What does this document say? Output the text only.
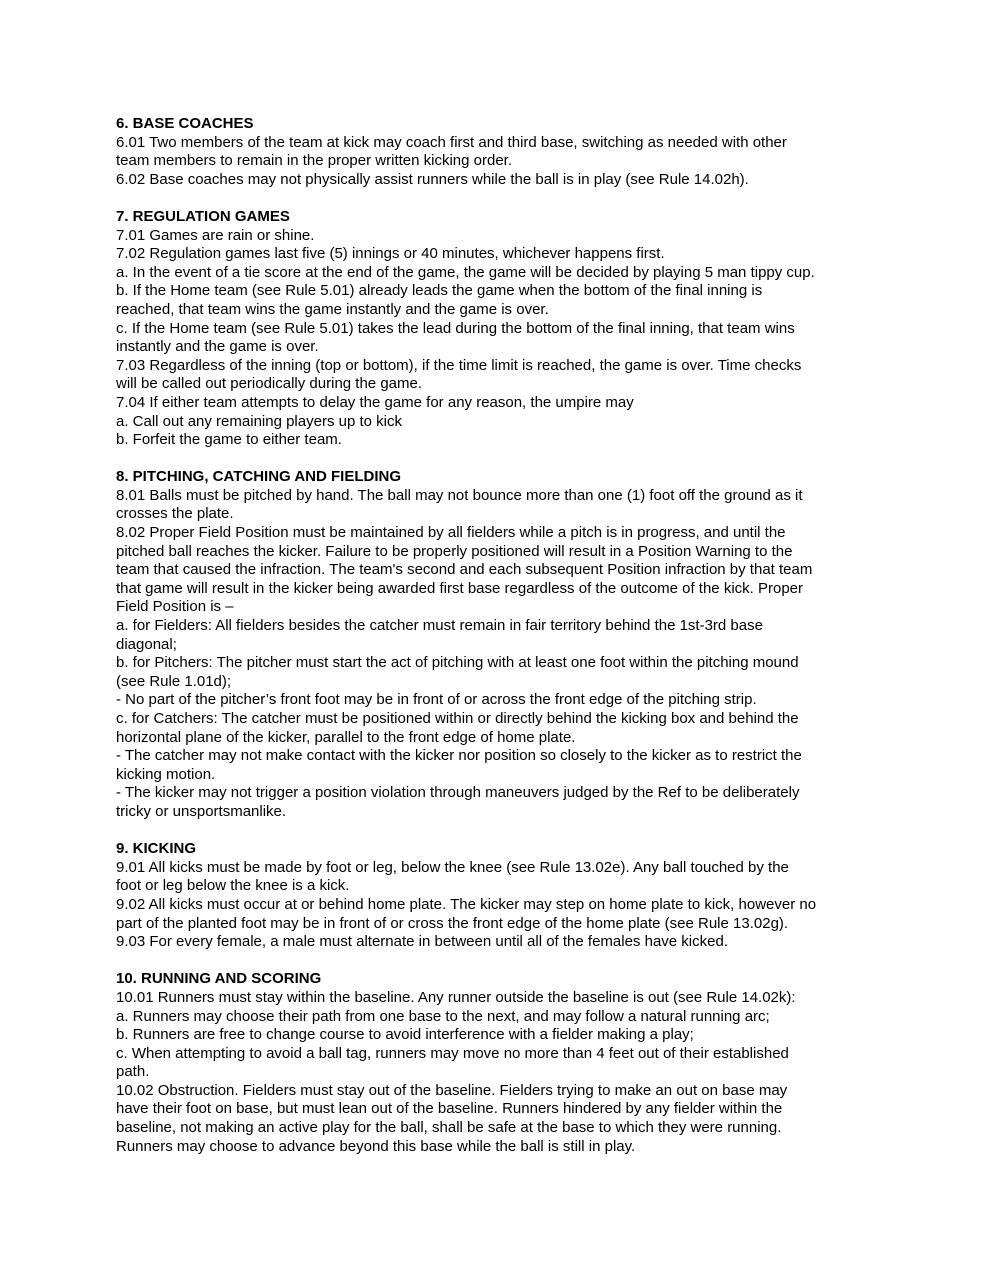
6. BASE COACHES
6.01 Two members of the team at kick may coach first and third base, switching as needed with other
team members to remain in the proper written kicking order.
6.02 Base coaches may not physically assist runners while the ball is in play (see Rule 14.02h).
7. REGULATION GAMES
7.01 Games are rain or shine.
7.02 Regulation games last five (5) innings or 40 minutes, whichever happens first.
a. In the event of a tie score at the end of the game, the game will be decided by playing 5 man tippy cup.
b. If the Home team (see Rule 5.01) already leads the game when the bottom of the final inning is
reached, that team wins the game instantly and the game is over.
c. If the Home team (see Rule 5.01) takes the lead during the bottom of the final inning, that team wins
instantly and the game is over.
7.03 Regardless of the inning (top or bottom), if the time limit is reached, the game is over. Time checks
will be called out periodically during the game.
7.04 If either team attempts to delay the game for any reason, the umpire may
a. Call out any remaining players up to kick
b. Forfeit the game to either team.
8. PITCHING, CATCHING AND FIELDING
8.01 Balls must be pitched by hand. The ball may not bounce more than one (1) foot off the ground as it
crosses the plate.
8.02 Proper Field Position must be maintained by all fielders while a pitch is in progress, and until the
pitched ball reaches the kicker. Failure to be properly positioned will result in a Position Warning to the
team that caused the infraction. The team's second and each subsequent Position infraction by that team
that game will result in the kicker being awarded first base regardless of the outcome of the kick. Proper
Field Position is –
a. for Fielders: All fielders besides the catcher must remain in fair territory behind the 1st-3rd base
diagonal;
b. for Pitchers: The pitcher must start the act of pitching with at least one foot within the pitching mound
(see Rule 1.01d);
- No part of the pitcher’s front foot may be in front of or across the front edge of the pitching strip.
c. for Catchers: The catcher must be positioned within or directly behind the kicking box and behind the
horizontal plane of the kicker, parallel to the front edge of home plate.
- The catcher may not make contact with the kicker nor position so closely to the kicker as to restrict the
kicking motion.
- The kicker may not trigger a position violation through maneuvers judged by the Ref to be deliberately
tricky or unsportsmanlike.
9. KICKING
9.01 All kicks must be made by foot or leg, below the knee (see Rule 13.02e). Any ball touched by the
foot or leg below the knee is a kick.
9.02 All kicks must occur at or behind home plate. The kicker may step on home plate to kick, however no
part of the planted foot may be in front of or cross the front edge of the home plate (see Rule 13.02g).
9.03 For every female, a male must alternate in between until all of the females have kicked.
10. RUNNING AND SCORING
10.01 Runners must stay within the baseline. Any runner outside the baseline is out (see Rule 14.02k):
a. Runners may choose their path from one base to the next, and may follow a natural running arc;
b. Runners are free to change course to avoid interference with a fielder making a play;
c. When attempting to avoid a ball tag, runners may move no more than 4 feet out of their established
path.
10.02 Obstruction. Fielders must stay out of the baseline. Fielders trying to make an out on base may
have their foot on base, but must lean out of the baseline. Runners hindered by any fielder within the
baseline, not making an active play for the ball, shall be safe at the base to which they were running.
Runners may choose to advance beyond this base while the ball is still in play.
